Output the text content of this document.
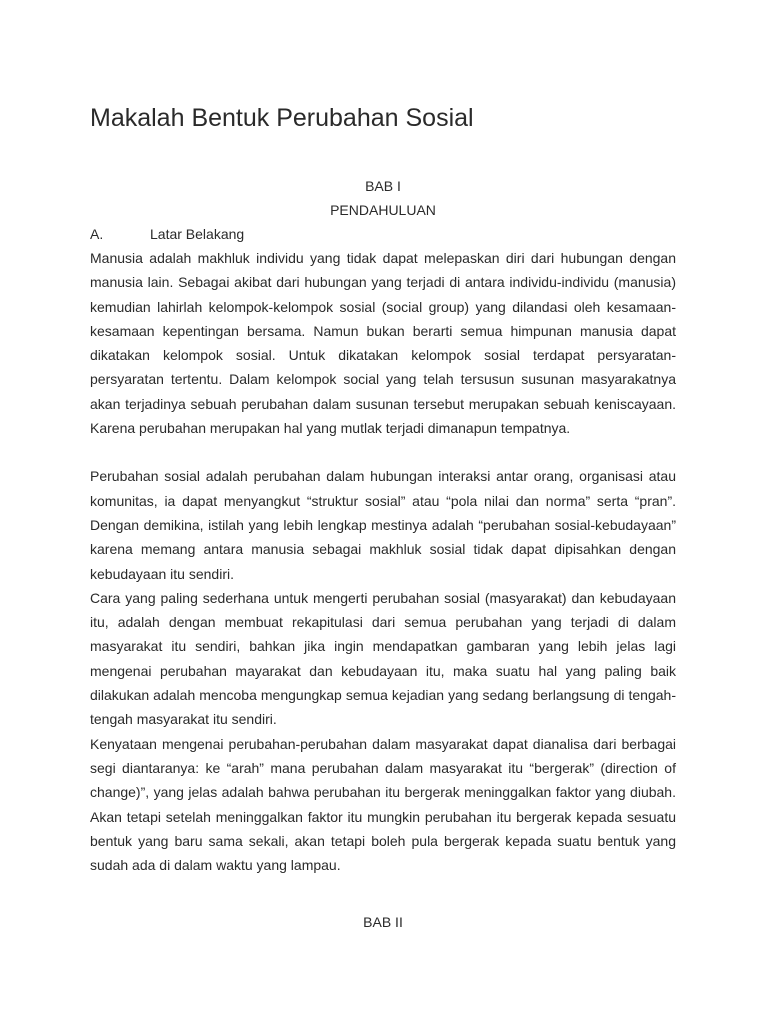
Makalah Bentuk Perubahan Sosial

BAB I

PENDAHULUAN

A.	Latar Belakang

Manusia adalah makhluk individu yang tidak dapat melepaskan diri dari hubungan dengan manusia lain. Sebagai akibat dari hubungan yang terjadi di antara individu-individu (manusia) kemudian lahirlah kelompok-kelompok sosial (social group) yang dilandasi oleh kesamaan-kesamaan kepentingan bersama. Namun bukan berarti semua himpunan manusia dapat dikatakan kelompok sosial. Untuk dikatakan kelompok sosial terdapat persyaratan-persyaratan tertentu. Dalam kelompok social yang telah tersusun susunan masyarakatnya akan terjadinya sebuah perubahan dalam susunan tersebut merupakan sebuah keniscayaan. Karena perubahan merupakan hal yang mutlak terjadi dimanapun tempatnya.

Perubahan sosial adalah perubahan dalam hubungan interaksi antar orang, organisasi atau komunitas, ia dapat menyangkut “struktur sosial” atau “pola nilai dan norma” serta “pran”. Dengan demikina, istilah yang lebih lengkap mestinya adalah “perubahan sosial-kebudayaan” karena memang antara manusia sebagai makhluk sosial tidak dapat dipisahkan dengan kebudayaan itu sendiri.

Cara yang paling sederhana untuk mengerti perubahan sosial (masyarakat) dan kebudayaan itu, adalah dengan membuat rekapitulasi dari semua perubahan yang terjadi di dalam masyarakat itu sendiri, bahkan jika ingin mendapatkan gambaran yang lebih jelas lagi mengenai perubahan mayarakat dan kebudayaan itu, maka suatu hal yang paling baik dilakukan adalah mencoba mengungkap semua kejadian yang sedang berlangsung di tengah-tengah masyarakat itu sendiri.

Kenyataan mengenai perubahan-perubahan dalam masyarakat dapat dianalisa dari berbagai segi diantaranya: ke “arah” mana perubahan dalam masyarakat itu “bergerak” (direction of change)”, yang jelas adalah bahwa perubahan itu bergerak meninggalkan faktor yang diubah. Akan tetapi setelah meninggalkan faktor itu mungkin perubahan itu bergerak kepada sesuatu bentuk yang baru sama sekali, akan tetapi boleh pula bergerak kepada suatu bentuk yang sudah ada di dalam waktu yang lampau.

BAB II
